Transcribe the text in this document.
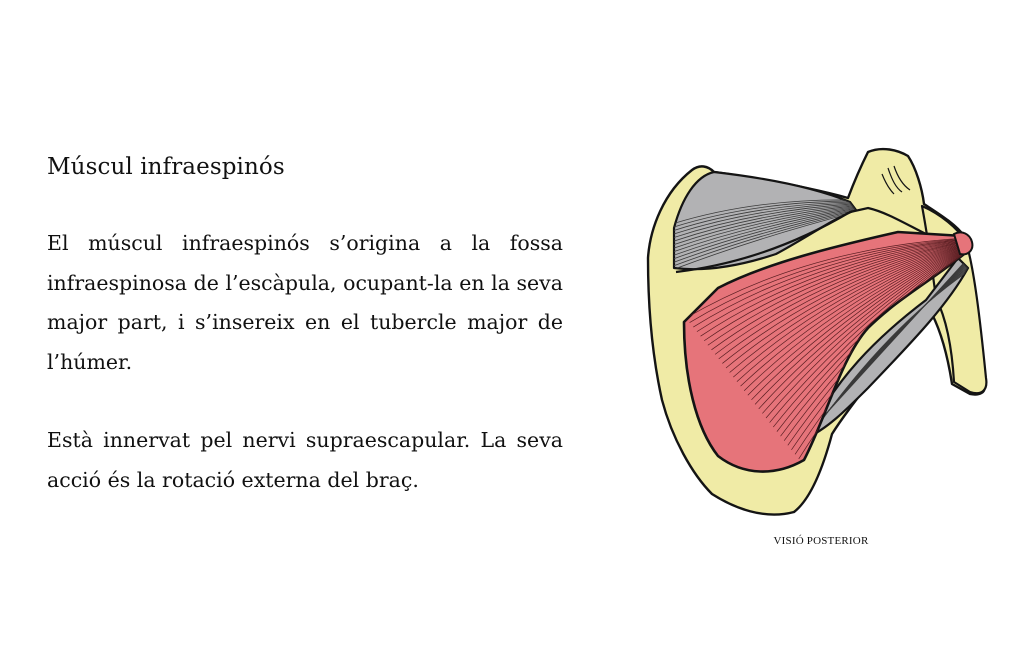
Múscul infraespinós

El múscul infraespinós s’origina a la fossa infraespinosa de l’escàpula, ocupant-la en la seva major part, i s’insereix en el tubercle major de l’húmer.

Està innervat pel nervi supraescapular. La seva acció és la rotació externa del braç.

VISIÓ POSTERIOR
